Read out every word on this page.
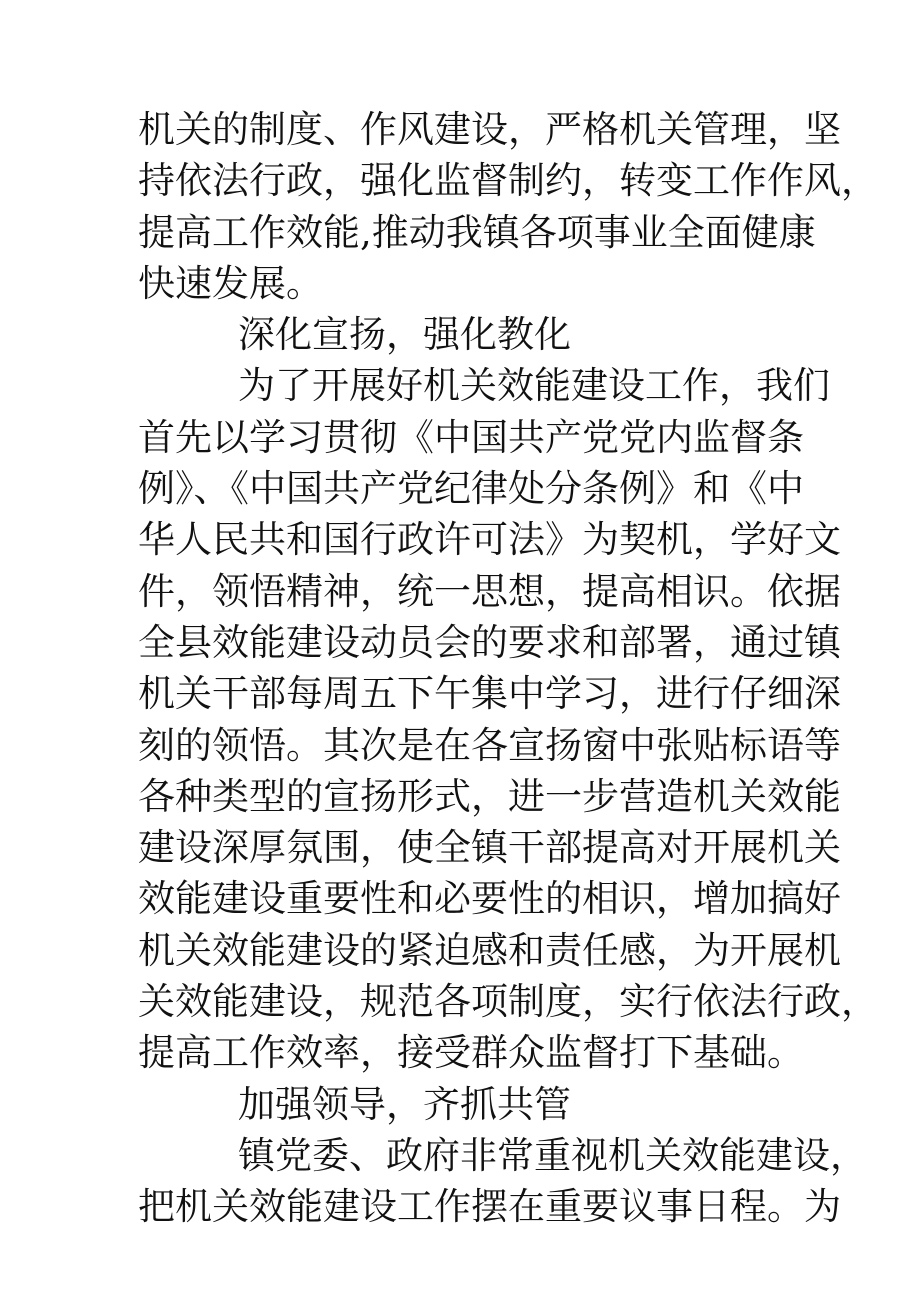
机关的制度、作风建设，严格机关管理，坚
持依法行政，强化监督制约，转变工作作风，
提高工作效能,推动我镇各项事业全面健康
快速发展。
深化宣扬，强化教化
为了开展好机关效能建设工作，我们
首先以学习贯彻《中国共产党党内监督条
例》、《中国共产党纪律处分条例》和《中
华人民共和国行政许可法》为契机，学好文
件，领悟精神，统一思想，提高相识。依据
全县效能建设动员会的要求和部署，通过镇
机关干部每周五下午集中学习，进行仔细深
刻的领悟。其次是在各宣扬窗中张贴标语等
各种类型的宣扬形式，进一步营造机关效能
建设深厚氛围，使全镇干部提高对开展机关
效能建设重要性和必要性的相识，增加搞好
机关效能建设的紧迫感和责任感，为开展机
关效能建设，规范各项制度，实行依法行政，
提高工作效率，接受群众监督打下基础。
加强领导，齐抓共管
镇党委、政府非常重视机关效能建设，
把机关效能建设工作摆在重要议事日程。为
